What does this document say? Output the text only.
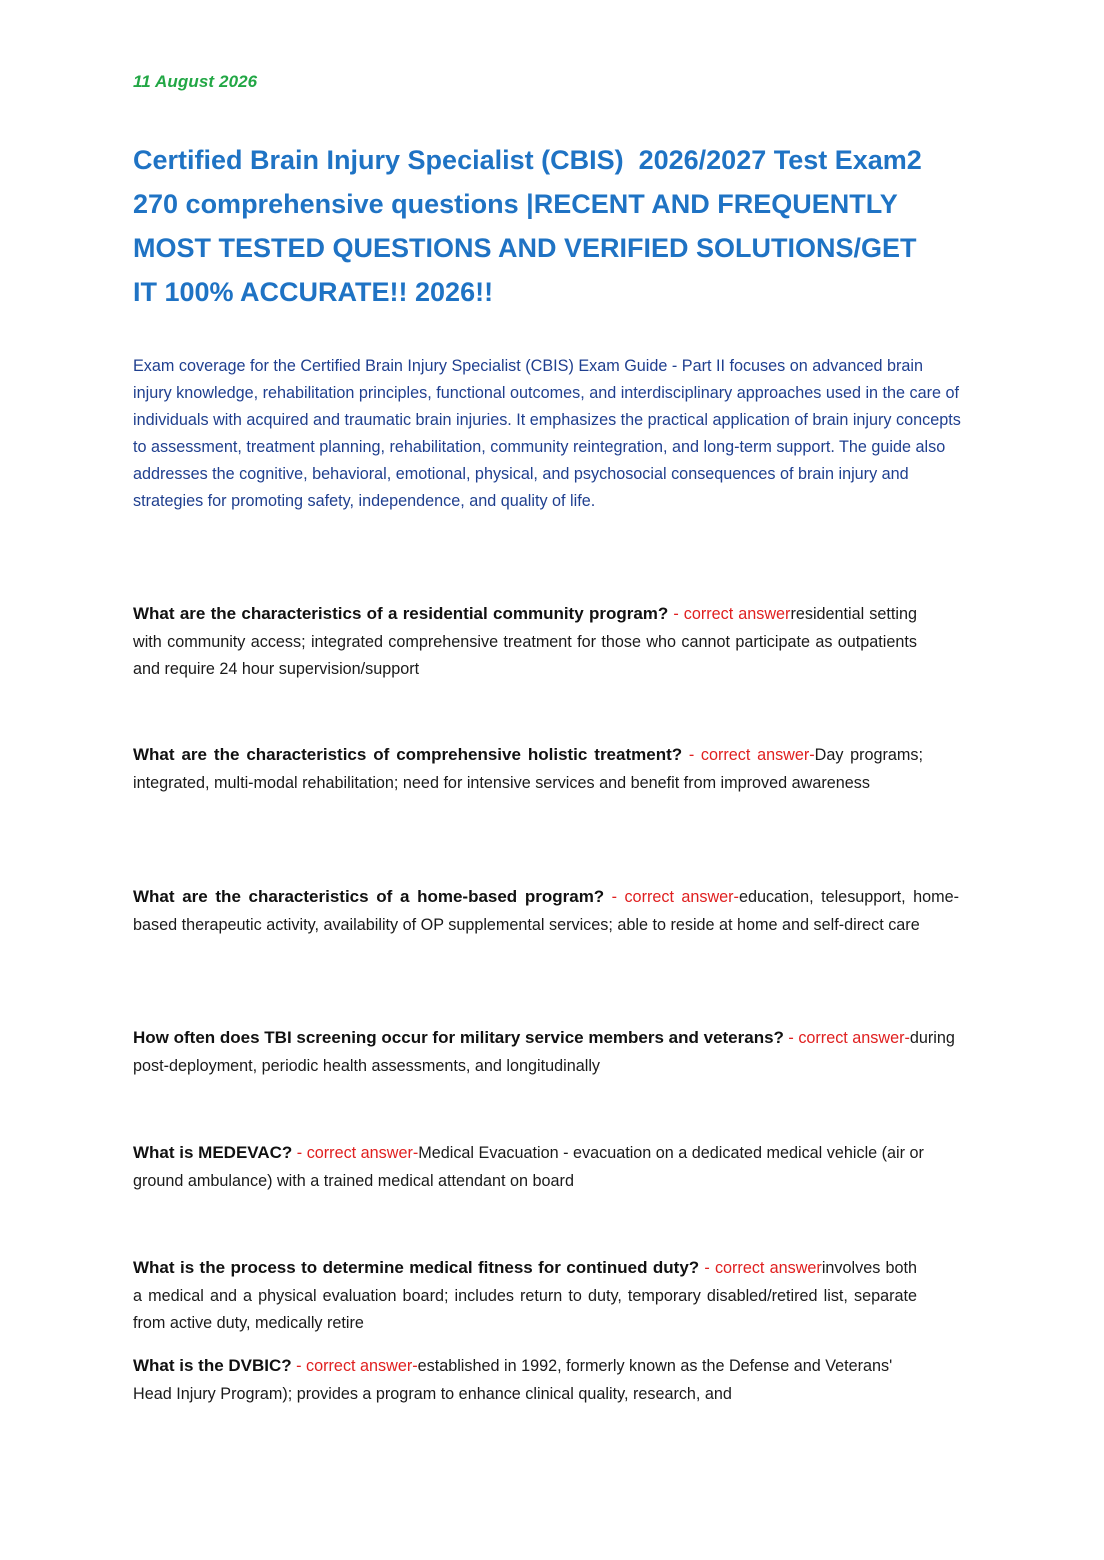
11 August 2026
Certified Brain Injury Specialist (CBIS)  2026/2027 Test Exam2   270 comprehensive questions |RECENT AND FREQUENTLY MOST TESTED QUESTIONS AND VERIFIED SOLUTIONS/GET IT 100% ACCURATE!! 2026!!

Exam coverage for the Certified Brain Injury Specialist (CBIS) Exam Guide - Part II focuses on advanced brain injury knowledge, rehabilitation principles, functional outcomes, and interdisciplinary approaches used in the care of individuals with acquired and traumatic brain injuries. It emphasizes the practical application of brain injury concepts to assessment, treatment planning, rehabilitation, community reintegration, and long-term support. The guide also addresses the cognitive, behavioral, emotional, physical, and psychosocial consequences of brain injury and strategies for promoting safety, independence, and quality of life.

What are the characteristics of a residential community program? - correct answerresidential setting with community access; integrated comprehensive treatment for those who cannot participate as outpatients and require 24 hour supervision/support

What are the characteristics of comprehensive holistic treatment? - correct answer-Day programs; integrated, multi-modal rehabilitation; need for intensive services and benefit from improved awareness

What are the characteristics of a home-based program? - correct answer-education, telesupport, home-based therapeutic activity, availability of OP supplemental services; able to reside at home and self-direct care

How often does TBI screening occur for military service members and veterans? - correct answer-during post-deployment, periodic health assessments, and longitudinally

What is MEDEVAC? - correct answer-Medical Evacuation - evacuation on a dedicated medical vehicle (air or ground ambulance) with a trained medical attendant on board

What is the process to determine medical fitness for continued duty? - correct answerinvolves both a medical and a physical evaluation board; includes return to duty, temporary disabled/retired list, separate from active duty, medically retire

What is the DVBIC? - correct answer-established in 1992, formerly known as the Defense and Veterans' Head Injury Program); provides a program to enhance clinical quality, research, and
